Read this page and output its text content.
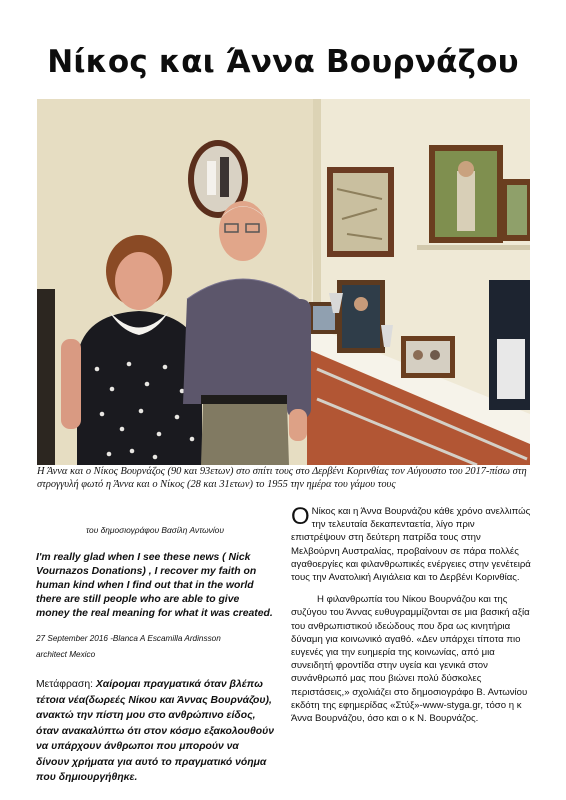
Νίκος και Άννα Βουρνάζου
Η Άννα και ο Νίκος Βουρνάζος (90 και 93ετων) στο σπίτι τους στο Δερβένι Κορινθίας τον Αύγουστο του 2017-πίσω στη στρογγυλή φωτό η Άννα και ο Νίκος (28 και 31ετων) το 1955 την ημέρα του γάμου τους

του δημοσιογράφου Βασίλη Αντωνίου

I'm really glad when I see these news ( Nick Vournazos Donations) , I recover my faith on human kind when I find out that in the world there are still people who are able to give money the real meaning for what it was created.

27 September 2016 -Blanca A Escamilla Ardinsson

architect Mexico

Μετάφραση: Χαίρομαι πραγματικά όταν βλέπω τέτοια νέα(δωρεές Νίκου και Άννας Βουρνάζου), ανακτώ την πίστη μου στο ανθρώπινο είδος, όταν ανακαλύπτω ότι στον κόσμο εξακολουθούν να υπάρχουν άνθρωποι που μπορούν να δίνουν χρήματα για αυτό το πραγματικό νόημα που δημιουργήθηκε.

Ο Νίκος και η Άννα Βουρνάζου κάθε χρόνο ανελλιπώς την τελευταία δεκαπενταετία, λίγο πριν επιστρέψουν στη δεύτερη πατρίδα τους στην Μελβούρνη Αυστραλίας, προβαίνουν σε πάρα πολλές αγαθοεργίες και φιλανθρωπικές ενέργειες στην γενέτειρά τους την Ανατολική Αιγιάλεια και το Δερβένι Κορινθίας.

Η φιλανθρωπία του Νίκου Βουρνάζου και της συζύγου του Άννας ευθυγραμμίζονται σε μια βασική αξία του ανθρωπιστικού ιδεώδους που δρα ως κινητήρια δύναμη για κοινωνικό αγαθό. «Δεν υπάρχει τίποτα πιο ευγενές για την ευημερία της κοινωνίας, από μια συνειδητή φροντίδα στην υγεία και γενικά στον συνάνθρωπό μας που βιώνει πολύ δύσκολες περιστάσεις,» σχολιάζει στο δημοσιογράφο Β. Αντωνίου εκδότη της εφημερίδας «Στύξ»-www-styga.gr, τόσο η κ Άννα Βουρνάζου, όσο και ο κ Ν. Βουρνάζος.
